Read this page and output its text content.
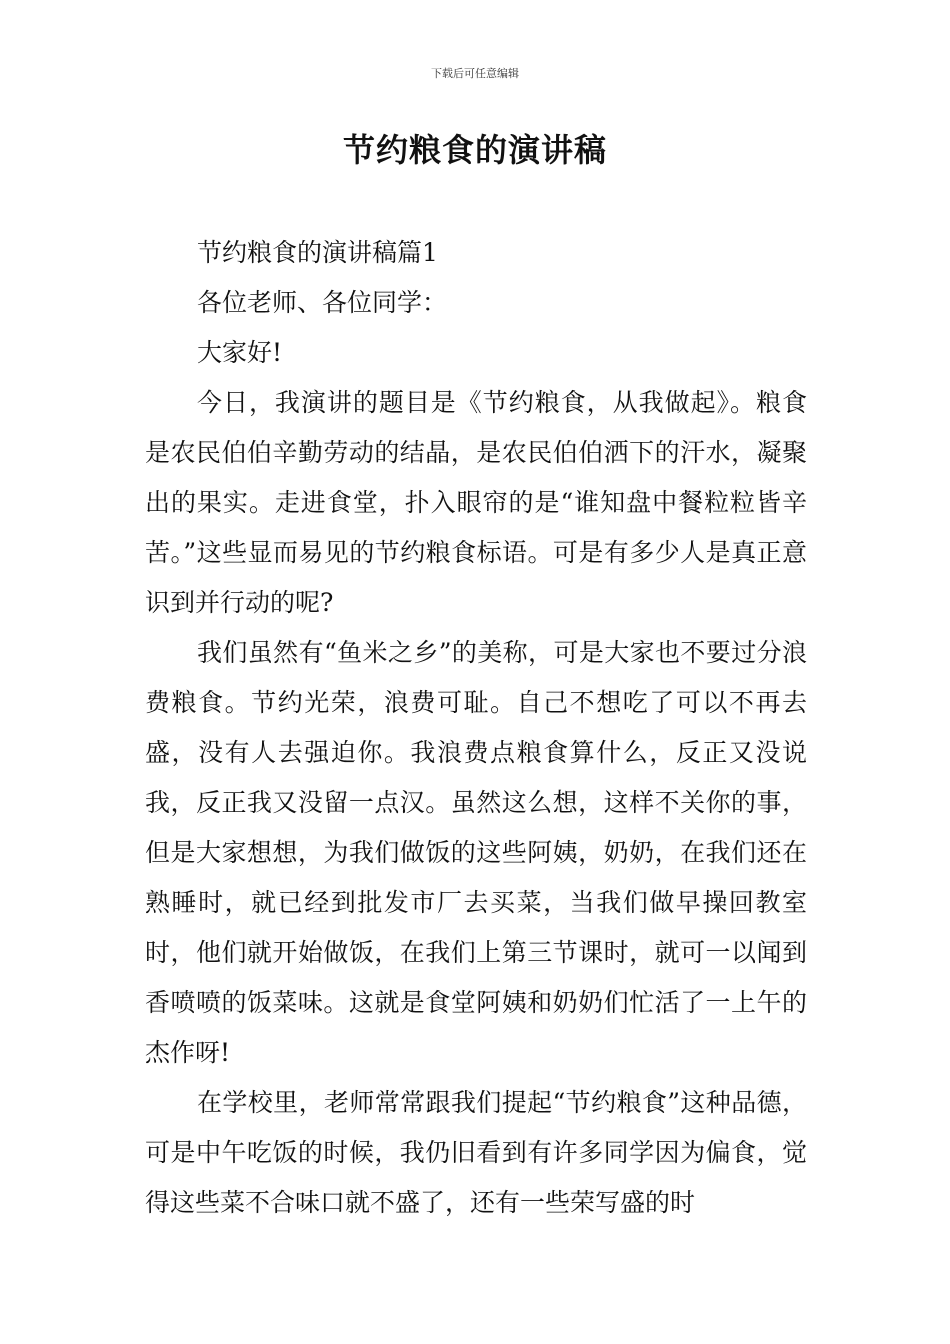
下载后可任意编辑
节约粮食的演讲稿

节约粮食的演讲稿篇1

各位老师、各位同学：

大家好!

今日，我演讲的题目是《节约粮食，从我做起》。粮食是农民伯伯辛勤劳动的结晶，是农民伯伯洒下的汗水，凝聚出的果实。走进食堂，扑入眼帘的是“谁知盘中餐粒粒皆辛苦。”这些显而易见的节约粮食标语。可是有多少人是真正意识到并行动的呢?

我们虽然有“鱼米之乡”的美称，可是大家也不要过分浪费粮食。节约光荣，浪费可耻。自己不想吃了可以不再去盛，没有人去强迫你。我浪费点粮食算什么，反正又没说我，反正我又没留一点汉。虽然这么想，这样不关你的事，但是大家想想，为我们做饭的这些阿姨，奶奶，在我们还在熟睡时，就已经到批发市厂去买菜，当我们做早操回教室时，他们就开始做饭，在我们上第三节课时，就可一以闻到香喷喷的饭菜味。这就是食堂阿姨和奶奶们忙活了一上午的杰作呀!

在学校里，老师常常跟我们提起“节约粮食”这种品德，可是中午吃饭的时候，我仍旧看到有许多同学因为偏食，觉得这些菜不合味口就不盛了，还有一些荣写盛的时
